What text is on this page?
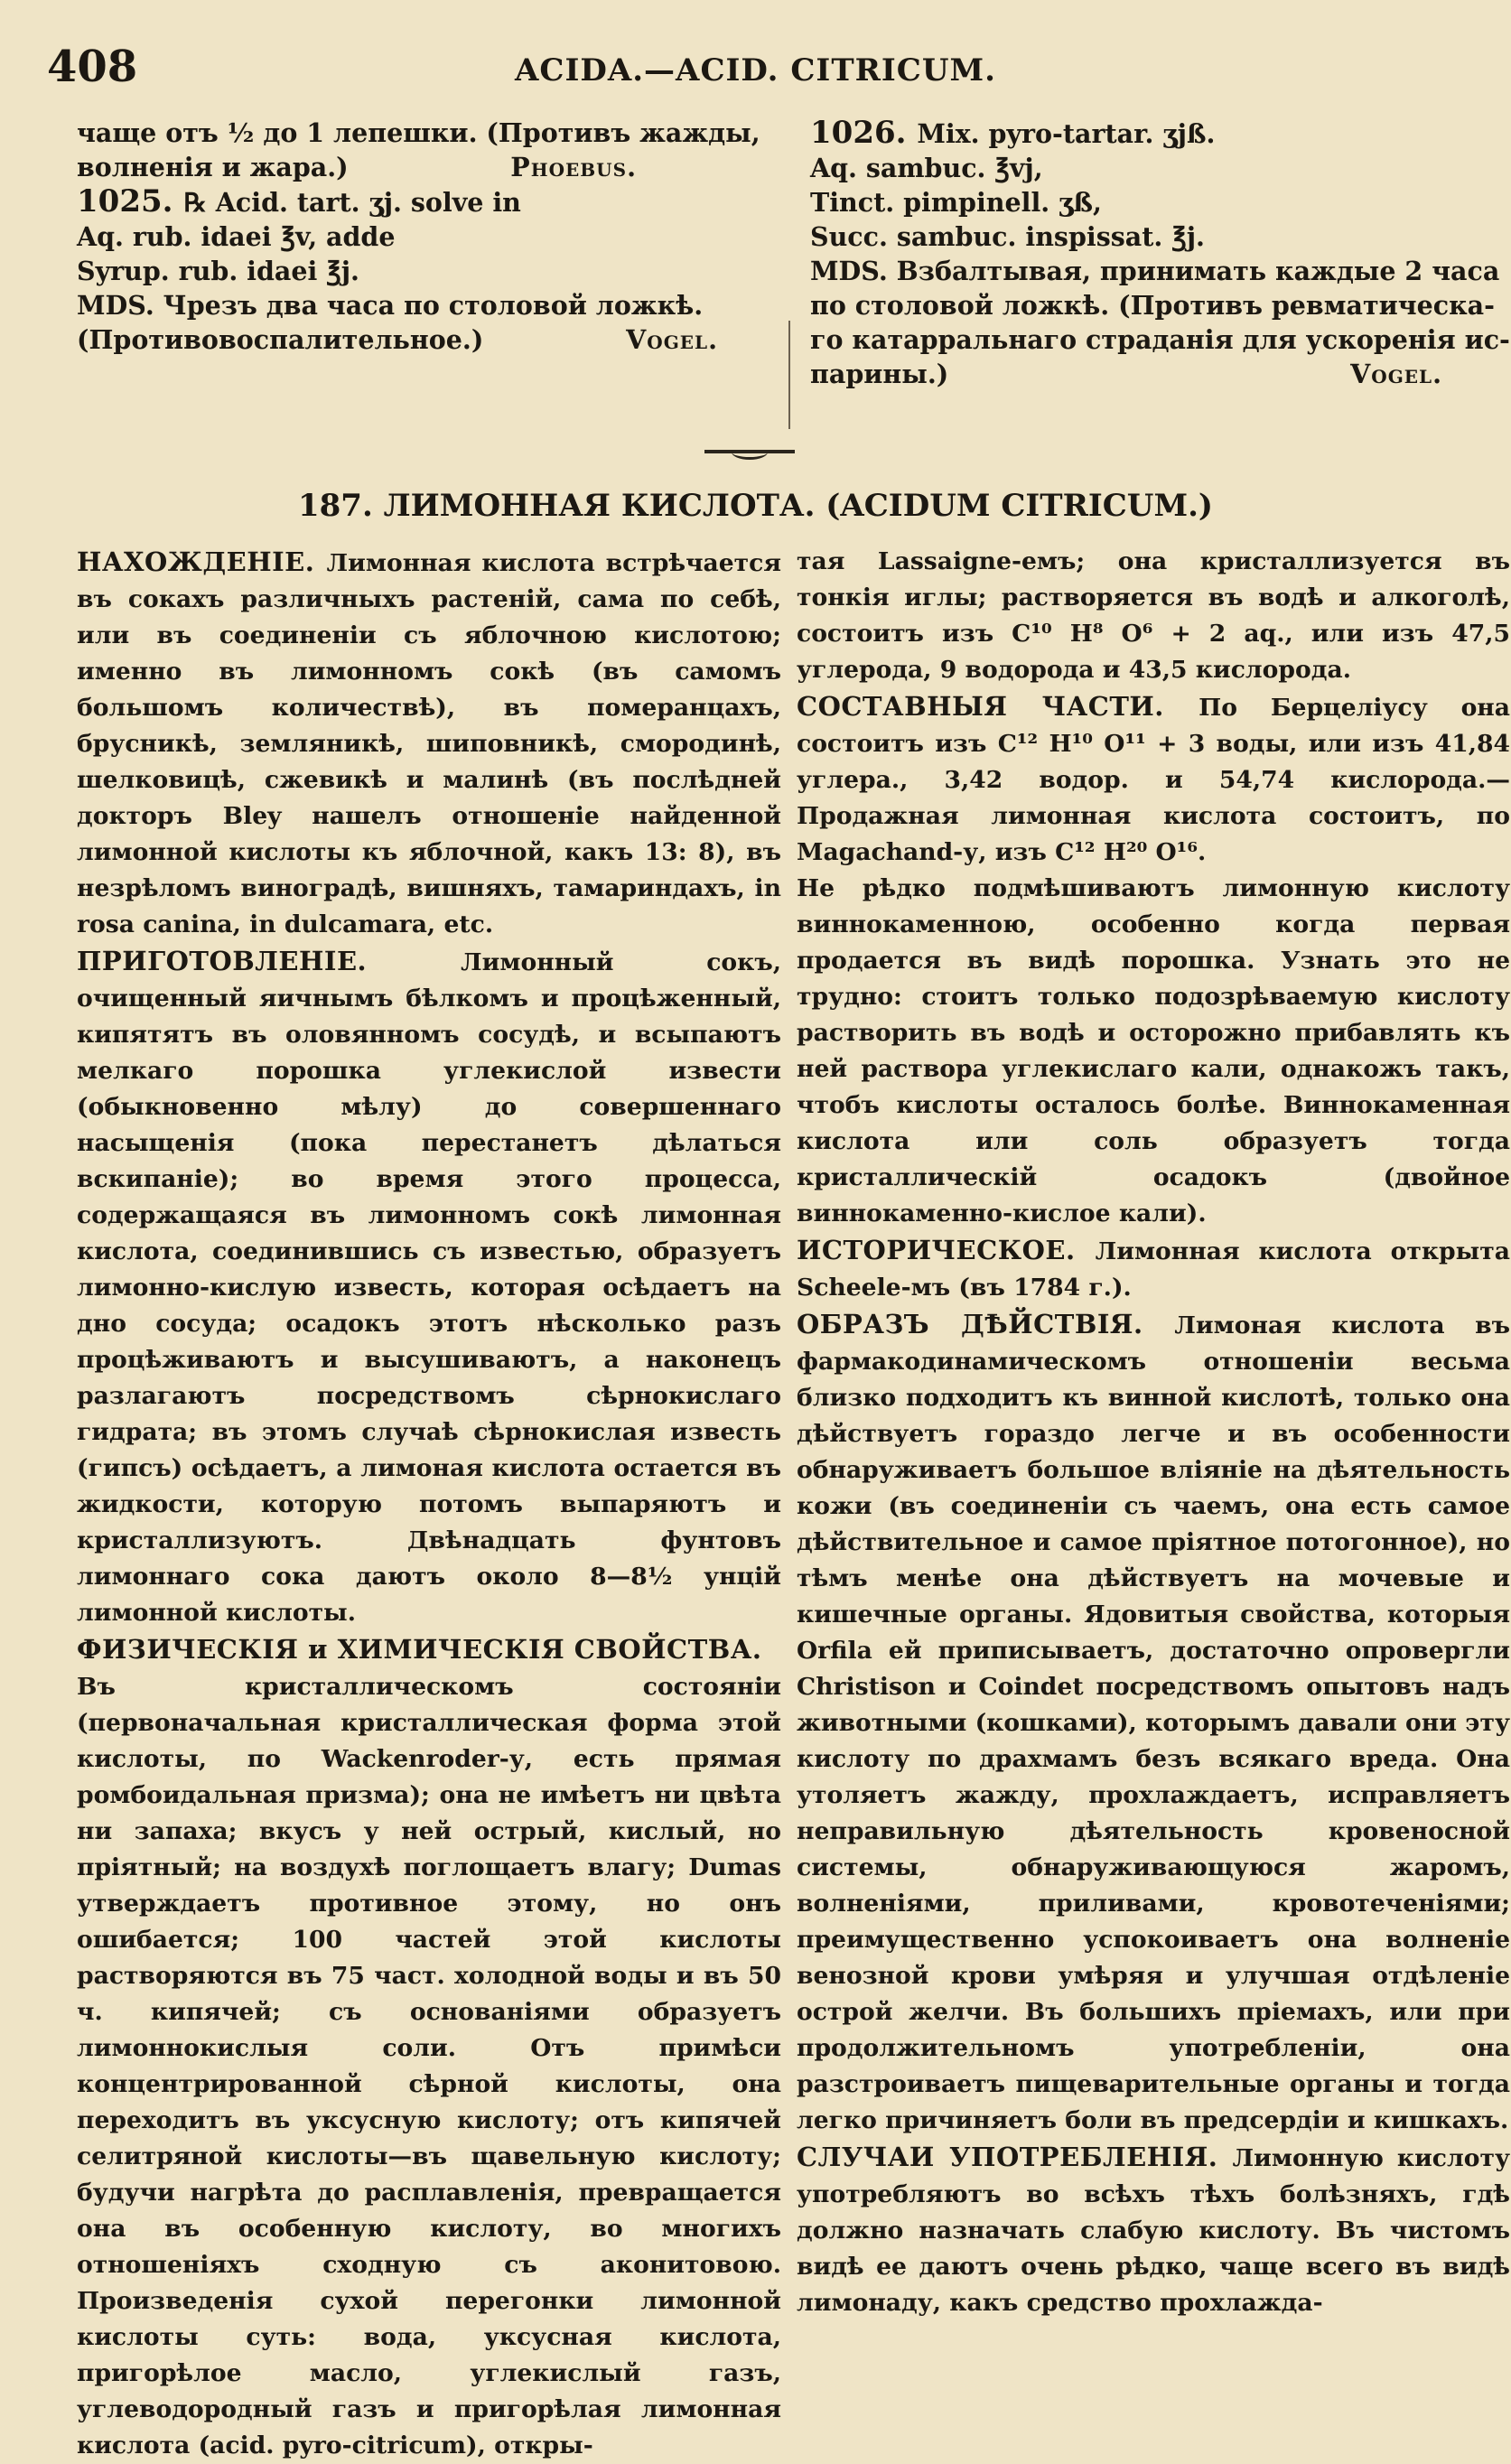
408	ACIDA.—ACID. CITRICUM.

чаще отъ ½ до 1 лепешки. (Противъ жажды,

волненія и жара.)	Phoebus.

1025. ℞ Acid. tart. ʒj. solve in

Aq. rub. idaei ℥v, adde

Syrup. rub. idaei ℥j.

MDS. Чрезъ два часа по столовой ложкѣ.

(Противовоспалительное.)	Vogel.

1026. Mix. pyro-tartar. ʒjß.

Aq. sambuc. ℥vj,

Tinct. pimpinell. ʒß,

Succ. sambuc. inspissat. ℥j.

MDS. Взбалтывая, принимать каждые 2 часа

по столовой ложкѣ. (Противъ ревматическа-

го катарральнаго страданія для ускоренія ис-

парины.)	Vogel.

187. ЛИМОННАЯ КИСЛОТА. (ACIDUM CITRICUM.)

НАХОЖДЕНІЕ. Лимонная кислота встрѣчается въ сокахъ различныхъ растеній, сама по себѣ, или въ соединеніи съ яблочною кислотою; именно въ лимонномъ сокѣ (въ самомъ большомъ количествѣ), въ померанцахъ, брусникѣ, земляникѣ, шиповникѣ, смородинѣ, шелковицѣ, сжевикѣ и малинѣ (въ послѣдней докторъ Bley нашелъ отношеніе найденной лимонной кислоты къ яблочной, какъ 13: 8), въ незрѣломъ виноградѣ, вишняхъ, тамариндахъ, in rosa canina, in dulcamara, etc.

ПРИГОТОВЛЕНІЕ. Лимонный сокъ, очищенный яичнымъ бѣлкомъ и процѣженный, кипятятъ въ оловянномъ сосудѣ, и всыпаютъ мелкаго порошка углекислой извести (обыкновенно мѣлу) до совершеннаго насыщенія (пока перестанетъ дѣлаться вскипаніе); во время этого процесса, содержащаяся въ лимонномъ сокѣ лимонная кислота, соединившись съ известью, образуетъ лимонно-кислую известь, которая осѣдаетъ на дно сосуда; осадокъ этотъ нѣсколько разъ процѣживаютъ и высушиваютъ, а наконецъ разлагаютъ посредствомъ сѣрнокислаго гидрата; въ этомъ случаѣ сѣрнокислая известь (гипсъ) осѣдаетъ, а лимоная кислота остается въ жидкости, которую потомъ выпаряютъ и кристаллизуютъ. Двѣнадцать фунтовъ лимоннаго сока даютъ около 8—8½ унцій лимонной кислоты.

ФИЗИЧЕСКІЯ и ХИМИЧЕСКІЯ СВОЙСТВА.

Въ кристаллическомъ состояніи (первоначальная кристаллическая форма этой кислоты, по Wackenroder-у, есть прямая ромбоидальная призма); она не имѣетъ ни цвѣта ни запаха; вкусъ у ней острый, кислый, но пріятный; на воздухѣ поглощаетъ влагу; Dumas утверждаетъ противное этому, но онъ ошибается; 100 частей этой кислоты растворяются въ 75 част. холодной воды и въ 50 ч. кипячей; съ основаніями образуетъ лимоннокислыя соли. Отъ примѣси концентрированной сѣрной кислоты, она переходитъ въ уксусную кислоту; отъ кипячей селитряной кислоты—въ щавельную кислоту; будучи нагрѣта до расплавленія, превращается она въ особенную кислоту, во многихъ отношеніяхъ сходную съ аконитовою. Произведенія сухой перегонки лимонной кислоты суть: вода, уксусная кислота, пригорѣлое масло, углекислый газъ, углеводородный газъ и пригорѣлая лимонная кислота (acid. pyro-citricum), откры-

тая Lassaigne-емъ; она кристаллизуется въ тонкія иглы; растворяется въ водѣ и алкоголѣ, состоитъ изъ C¹⁰ H⁸ O⁶ + 2 aq., или изъ 47,5 углерода, 9 водорода и 43,5 кислорода.

СОСТАВНЫЯ ЧАСТИ. По Берцеліусу она состоитъ изъ C¹² H¹⁰ O¹¹ + 3 воды, или изъ 41,84 углера., 3,42 водор. и 54,74 кислорода.—Продажная лимонная кислота состоитъ, по Magachand-у, изъ C¹² H²⁰ O¹⁶.

Не рѣдко подмѣшиваютъ лимонную кислоту виннокаменною, особенно когда первая продается въ видѣ порошка. Узнать это не трудно: стоитъ только подозрѣваемую кислоту растворить въ водѣ и осторожно прибавлять къ ней раствора углекислаго кали, однакожъ такъ, чтобъ кислоты осталось болѣе. Виннокаменная кислота или соль образуетъ тогда кристаллическій осадокъ (двойное виннокаменно-кислое кали).

ИСТОРИЧЕСКОЕ. Лимонная кислота открыта Scheele-мъ (въ 1784 г.).

ОБРАЗЪ ДѢЙСТВІЯ. Лимоная кислота въ фармакодинамическомъ отношеніи весьма близко подходитъ къ винной кислотѣ, только она дѣйствуетъ гораздо легче и въ особенности обнаруживаетъ большое вліяніе на дѣятельность кожи (въ соединеніи съ чаемъ, она есть самое дѣйствительное и самое пріятное потогонное), но тѣмъ менѣе она дѣйствуетъ на мочевые и кишечные органы. Ядовитыя свойства, которыя Orfila ей приписываетъ, достаточно опровергли Christison и Coindet посредствомъ опытовъ надъ животными (кошками), которымъ давали они эту кислоту по драхмамъ безъ всякаго вреда. Она утоляетъ жажду, прохлаждаетъ, исправляетъ неправильную дѣятельность кровеносной системы, обнаруживающуюся жаромъ, волненіями, приливами, кровотеченіями; преимущественно успокоиваетъ она волненіе венозной крови умѣряя и улучшая отдѣленіе острой желчи. Въ большихъ пріемахъ, или при продолжительномъ употребленіи, она разстроиваетъ пищеварительные органы и тогда легко причиняетъ боли въ предсердіи и кишкахъ.

СЛУЧАИ УПОТРЕБЛЕНІЯ. Лимонную кислоту употребляютъ во всѣхъ тѣхъ болѣзняхъ, гдѣ должно назначать слабую кислоту. Въ чистомъ видѣ ее даютъ очень рѣдко, чаще всего въ видѣ лимонаду, какъ средство прохлажда-
